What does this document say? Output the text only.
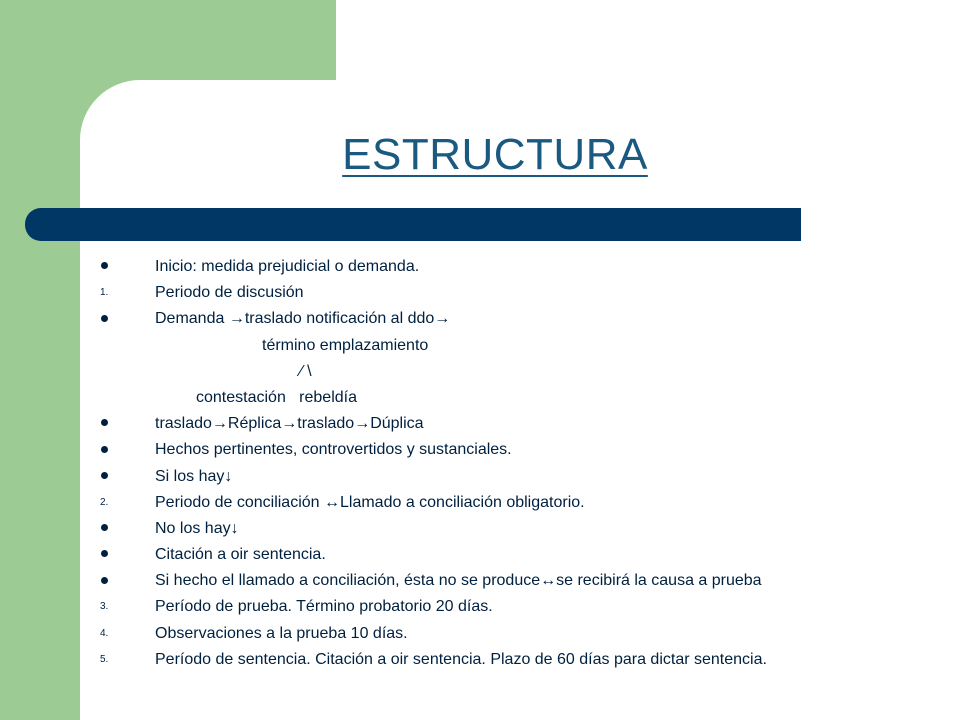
ESTRUCTURA
Inicio: medida prejudicial o demanda.
1.	Periodo de discusión
Demanda →traslado notificación al ddo→
término emplazamiento
∕ \
contestación   rebeldía
traslado→Réplica→traslado→Dúplica
Hechos pertinentes, controvertidos y sustanciales.
Si los hay↓
2.	Periodo de conciliación ↔Llamado a conciliación obligatorio.
No los hay↓
Citación a oir sentencia.
Si hecho el llamado a conciliación, ésta no se produce↔se recibirá la causa a prueba
3.	Período de prueba. Término probatorio 20 días.
4.	Observaciones a la prueba 10 días.
5.	Período de sentencia. Citación a oir sentencia. Plazo de 60 días para dictar sentencia.
